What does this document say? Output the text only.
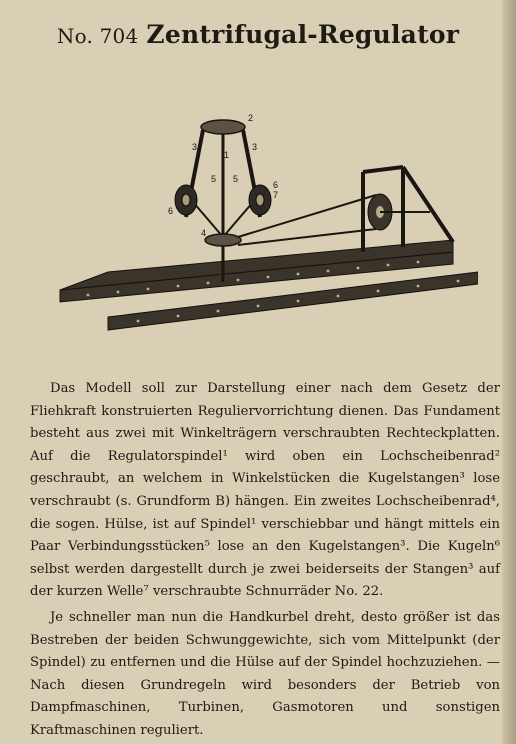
No. 704 Zentrifugal-Regulator
1
2
3	3
4
5 5
6
6
7

Das Modell soll zur Darstellung einer nach dem Gesetz der Fliehkraft konstruierten Reguliervorrichtung dienen. Das Fundament besteht aus zwei mit Winkelträgern verschraubten Rechteckplatten. Auf die Regulatorspindel¹ wird oben ein Lochscheibenrad² geschraubt, an welchem in Winkelstücken die Kugelstangen³ lose verschraubt (s. Grundform B) hängen. Ein zweites Lochscheibenrad⁴, die sogen. Hülse, ist auf Spindel¹ verschiebbar und hängt mittels ein Paar Verbindungsstücken⁵ lose an den Kugelstangen³. Die Kugeln⁶ selbst werden dargestellt durch je zwei beiderseits der Stangen³ auf der kurzen Welle⁷ verschraubte Schnurräder No. 22.

Je schneller man nun die Handkurbel dreht, desto größer ist das Bestreben der beiden Schwunggewichte, sich vom Mittelpunkt (der Spindel) zu entfernen und die Hülse auf der Spindel hochzuziehen. — Nach diesen Grundregeln wird besonders der Betrieb von Dampfmaschinen, Turbinen, Gasmotoren und sonstigen Kraftmaschinen reguliert.
